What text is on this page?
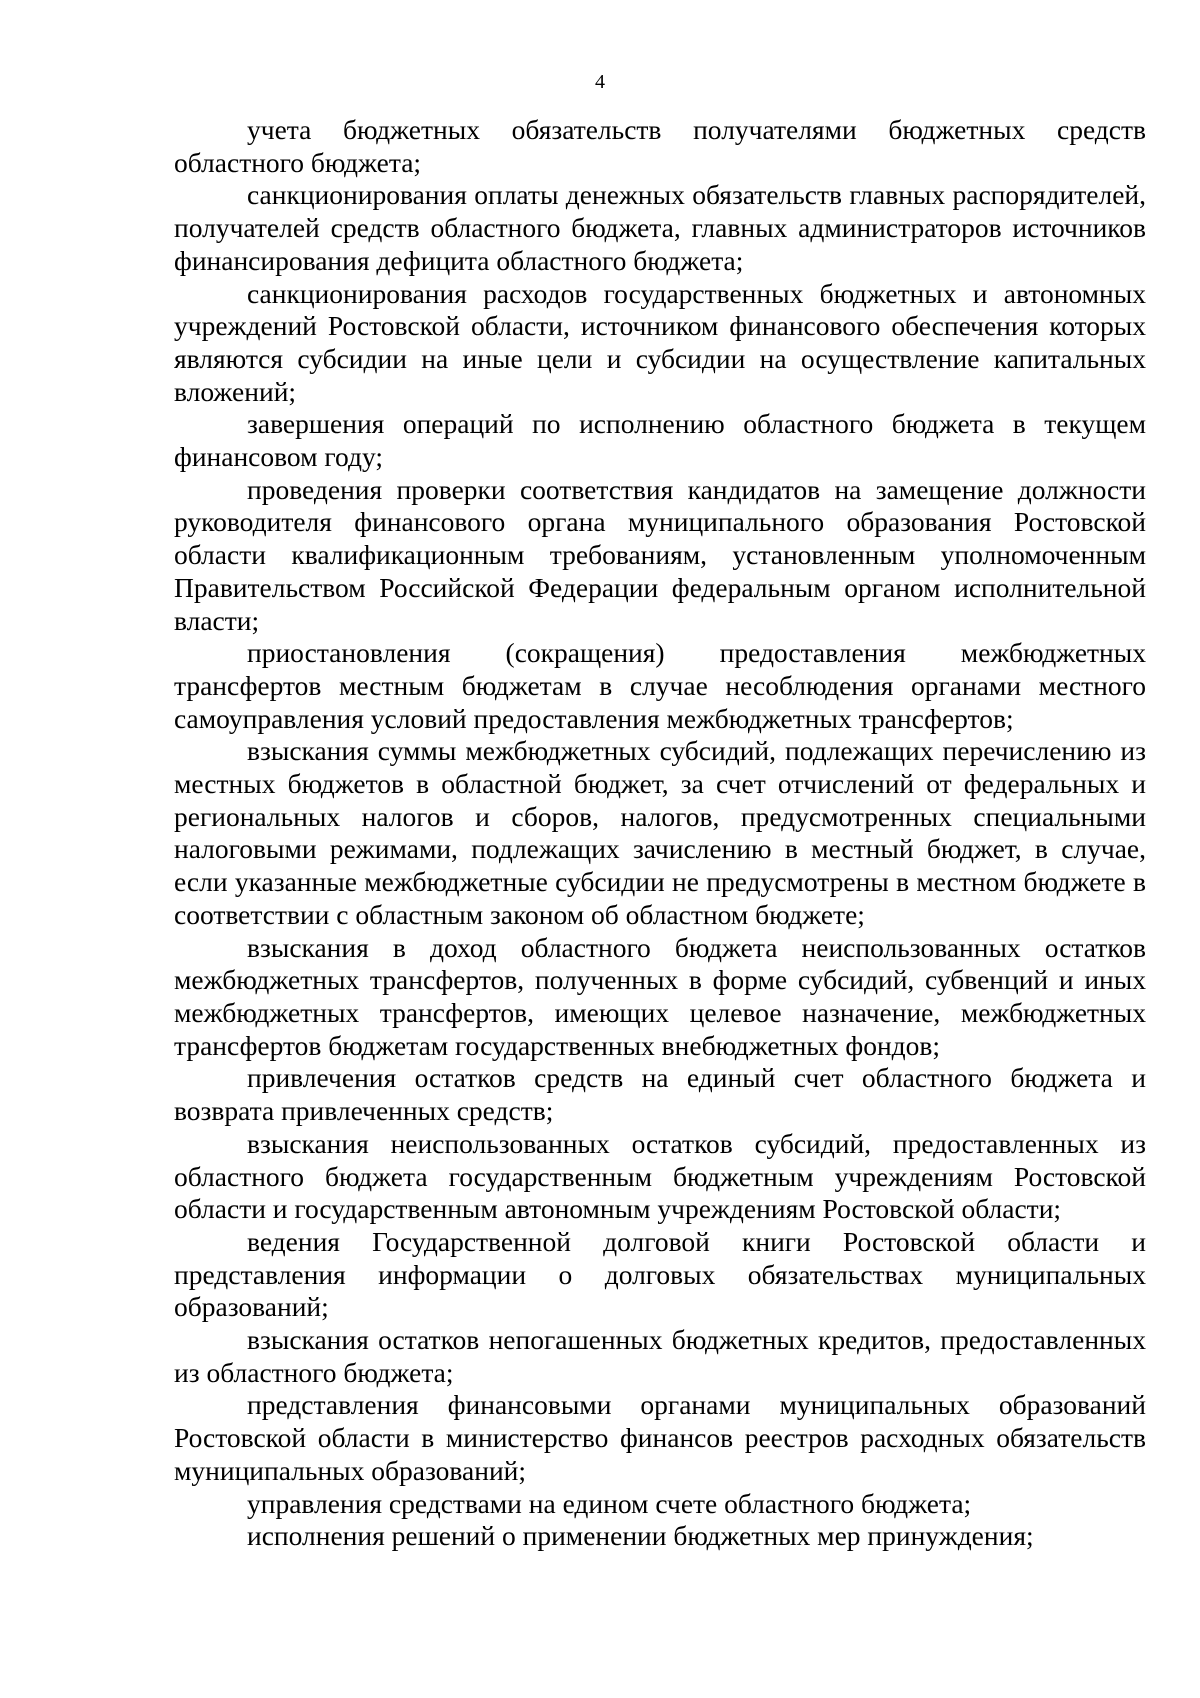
4

учета бюджетных обязательств получателями бюджетных средств областного бюджета;

санкционирования оплаты денежных обязательств главных распорядителей, получателей средств областного бюджета, главных администраторов источников финансирования дефицита областного бюджета;

санкционирования расходов государственных бюджетных и автономных учреждений Ростовской области, источником финансового обеспечения которых являются субсидии на иные цели и субсидии на осуществление капитальных вложений;

завершения операций по исполнению областного бюджета в текущем финансовом году;

проведения проверки соответствия кандидатов на замещение должности руководителя финансового органа муниципального образования Ростовской области квалификационным требованиям, установленным уполномоченным Правительством Российской Федерации федеральным органом исполнительной власти;

приостановления (сокращения) предоставления межбюджетных трансфертов местным бюджетам в случае несоблюдения органами местного самоуправления условий предоставления межбюджетных трансфертов;

взыскания суммы межбюджетных субсидий, подлежащих перечислению из местных бюджетов в областной бюджет, за счет отчислений от федеральных и региональных налогов и сборов, налогов, предусмотренных специальными налоговыми режимами, подлежащих зачислению в местный бюджет, в случае, если указанные межбюджетные субсидии не предусмотрены в местном бюджете в соответствии с областным законом об областном бюджете;

взыскания в доход областного бюджета неиспользованных остатков межбюджетных трансфертов, полученных в форме субсидий, субвенций и иных межбюджетных трансфертов, имеющих целевое назначение, межбюджетных трансфертов бюджетам государственных внебюджетных фондов;

привлечения остатков средств на единый счет областного бюджета и возврата привлеченных средств;

взыскания неиспользованных остатков субсидий, предоставленных из областного бюджета государственным бюджетным учреждениям Ростовской области и государственным автономным учреждениям Ростовской области;

ведения Государственной долговой книги Ростовской области и представления информации о долговых обязательствах муниципальных образований;

взыскания остатков непогашенных бюджетных кредитов, предоставленных из областного бюджета;

представления финансовыми органами муниципальных образований Ростовской области в министерство финансов реестров расходных обязательств муниципальных образований;

управления средствами на едином счете областного бюджета;

исполнения решений о применении бюджетных мер принуждения;
